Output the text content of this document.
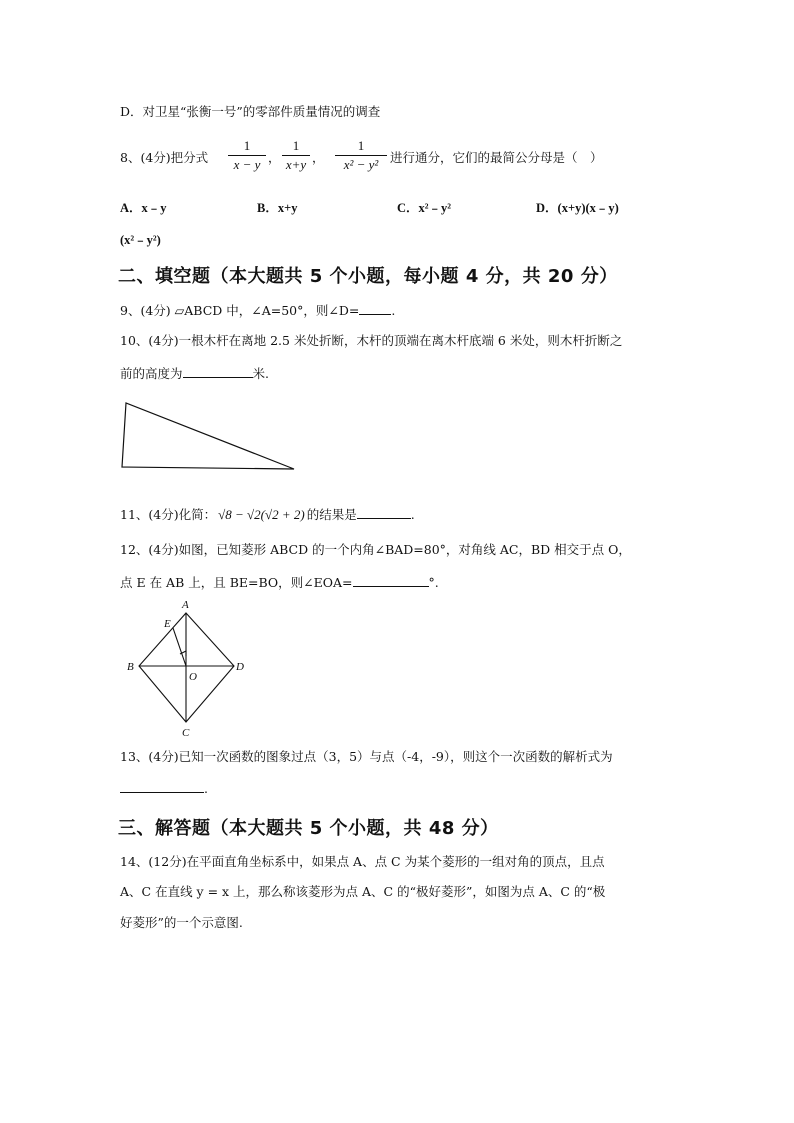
D．对卫星“张衡一号”的零部件质量情况的调查
8、(4分)把分式
1
x − y ，
1
x+y ，
1
x² − y² 进行通分，它们的最简公分母是（　）
A．x﹣y	B．x+y	C．x²﹣y²	D．(x+y)(x﹣y)
(x²﹣y²)
二、填空题（本大题共 5 个小题，每小题 4 分，共 20 分）
9、(4分) ▱ABCD 中，∠A=50°，则∠D=	.
10、(4分)一根木杆在离地 2.5 米处折断，木杆的顶端在离木杆底端 6 米处，则木杆折断之
前的高度为	米.
11、(4分)化简： √8 − √2(√2 + 2) 的结果是	.
12、(4分)如图，已知菱形 ABCD 的一个内角∠BAD=80°，对角线 AC，BD 相交于点 O，
点 E 在 AB 上，且 BE=BO，则∠EOA=	°.
A
B
C
D
E
O
13、(4分)已知一次函数的图象过点（3，5）与点（-4，-9），则这个一次函数的解析式为
.
三、解答题（本大题共 5 个小题，共 48 分）
14、(12分)在平面直角坐标系中，如果点 A、点 C 为某个菱形的一组对角的顶点，且点
A、C 在直线 y = x 上，那么称该菱形为点 A、C 的“极好菱形”，如图为点 A、C 的“极
好菱形”的一个示意图.
